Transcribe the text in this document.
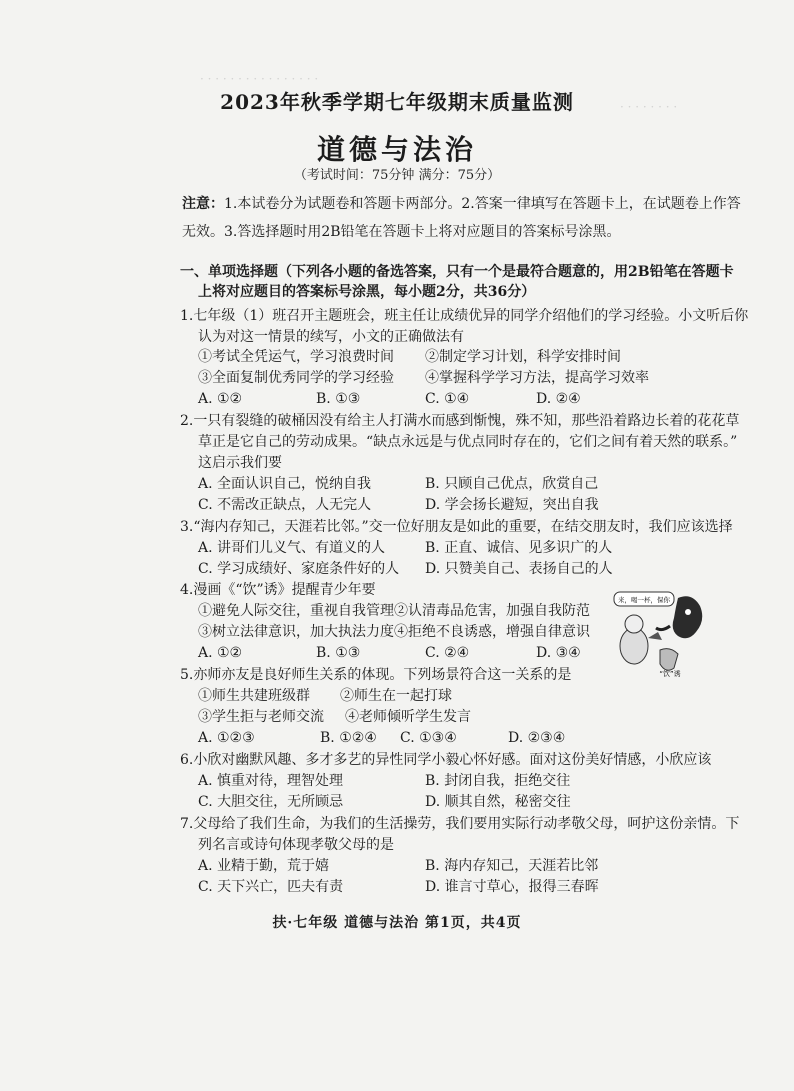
· · · · · · · · · · · · · · · ·
· · · · · · · ·
2023年秋季学期七年级期末质量监测
道德与法治
（考试时间：75分钟 满分：75分）
注意：1.本试卷分为试题卷和答题卡两部分。2.答案一律填写在答题卡上，在试题卷上作答无效。3.答选择题时用2B铅笔在答题卡上将对应题目的答案标号涂黑。
一、单项选择题（下列各小题的备选答案，只有一个是最符合题意的，用2B铅笔在答题卡
上将对应题目的答案标号涂黑，每小题2分，共36分）
1.七年级（1）班召开主题班会，班主任让成绩优异的同学介绍他们的学习经验。小文听后你
认为对这一情景的续写，小文的正确做法有
①考试全凭运气，学习浪费时间 ②制定学习计划，科学安排时间
③全面复制优秀同学的学习经验 ④掌握科学学习方法，提高学习效率
A. ①②	B. ①③	C. ①④	D. ②④
2.一只有裂缝的破桶因没有给主人打满水而感到惭愧，殊不知，那些沿着路边长着的花花草
草正是它自己的劳动成果。“缺点永远是与优点同时存在的，它们之间有着天然的联系。”
这启示我们要
A. 全面认识自己，悦纳自我	B. 只顾自己优点，欣赏自己
C. 不需改正缺点，人无完人	D. 学会扬长避短，突出自我
3.“海内存知己，天涯若比邻。”交一位好朋友是如此的重要，在结交朋友时，我们应该选择
A. 讲哥们儿义气、有道义的人	B. 正直、诚信、见多识广的人
C. 学习成绩好、家庭条件好的人 D. 只赞美自己、表扬自己的人
4.漫画《“饮”诱》提醒青少年要
①避免人际交往，重视自我管理②认清毒品危害，加强自我防范
③树立法律意识，加大执法力度④拒绝不良诱惑，增强自律意识
A. ①②	B. ①③	C. ②④	D. ③④
来，喝一杯，保你
“饮”诱
5.亦师亦友是良好师生关系的体现。下列场景符合这一关系的是
①师生共建班级群 ②师生在一起打球
③学生拒与老师交流 ④老师倾听学生发言
A. ①②③	B. ①②④ C. ①③④	D. ②③④
6.小欣对幽默风趣、多才多艺的异性同学小毅心怀好感。面对这份美好情感，小欣应该
A. 慎重对待，理智处理	B. 封闭自我，拒绝交往
C. 大胆交往，无所顾忌	D. 顺其自然，秘密交往
7.父母给了我们生命，为我们的生活操劳，我们要用实际行动孝敬父母，呵护这份亲情。下
列名言或诗句体现孝敬父母的是
A. 业精于勤，荒于嬉	B. 海内存知己，天涯若比邻
C. 天下兴亡，匹夫有责	D. 谁言寸草心，报得三春晖
扶·七年级 道德与法治 第1页，共4页
